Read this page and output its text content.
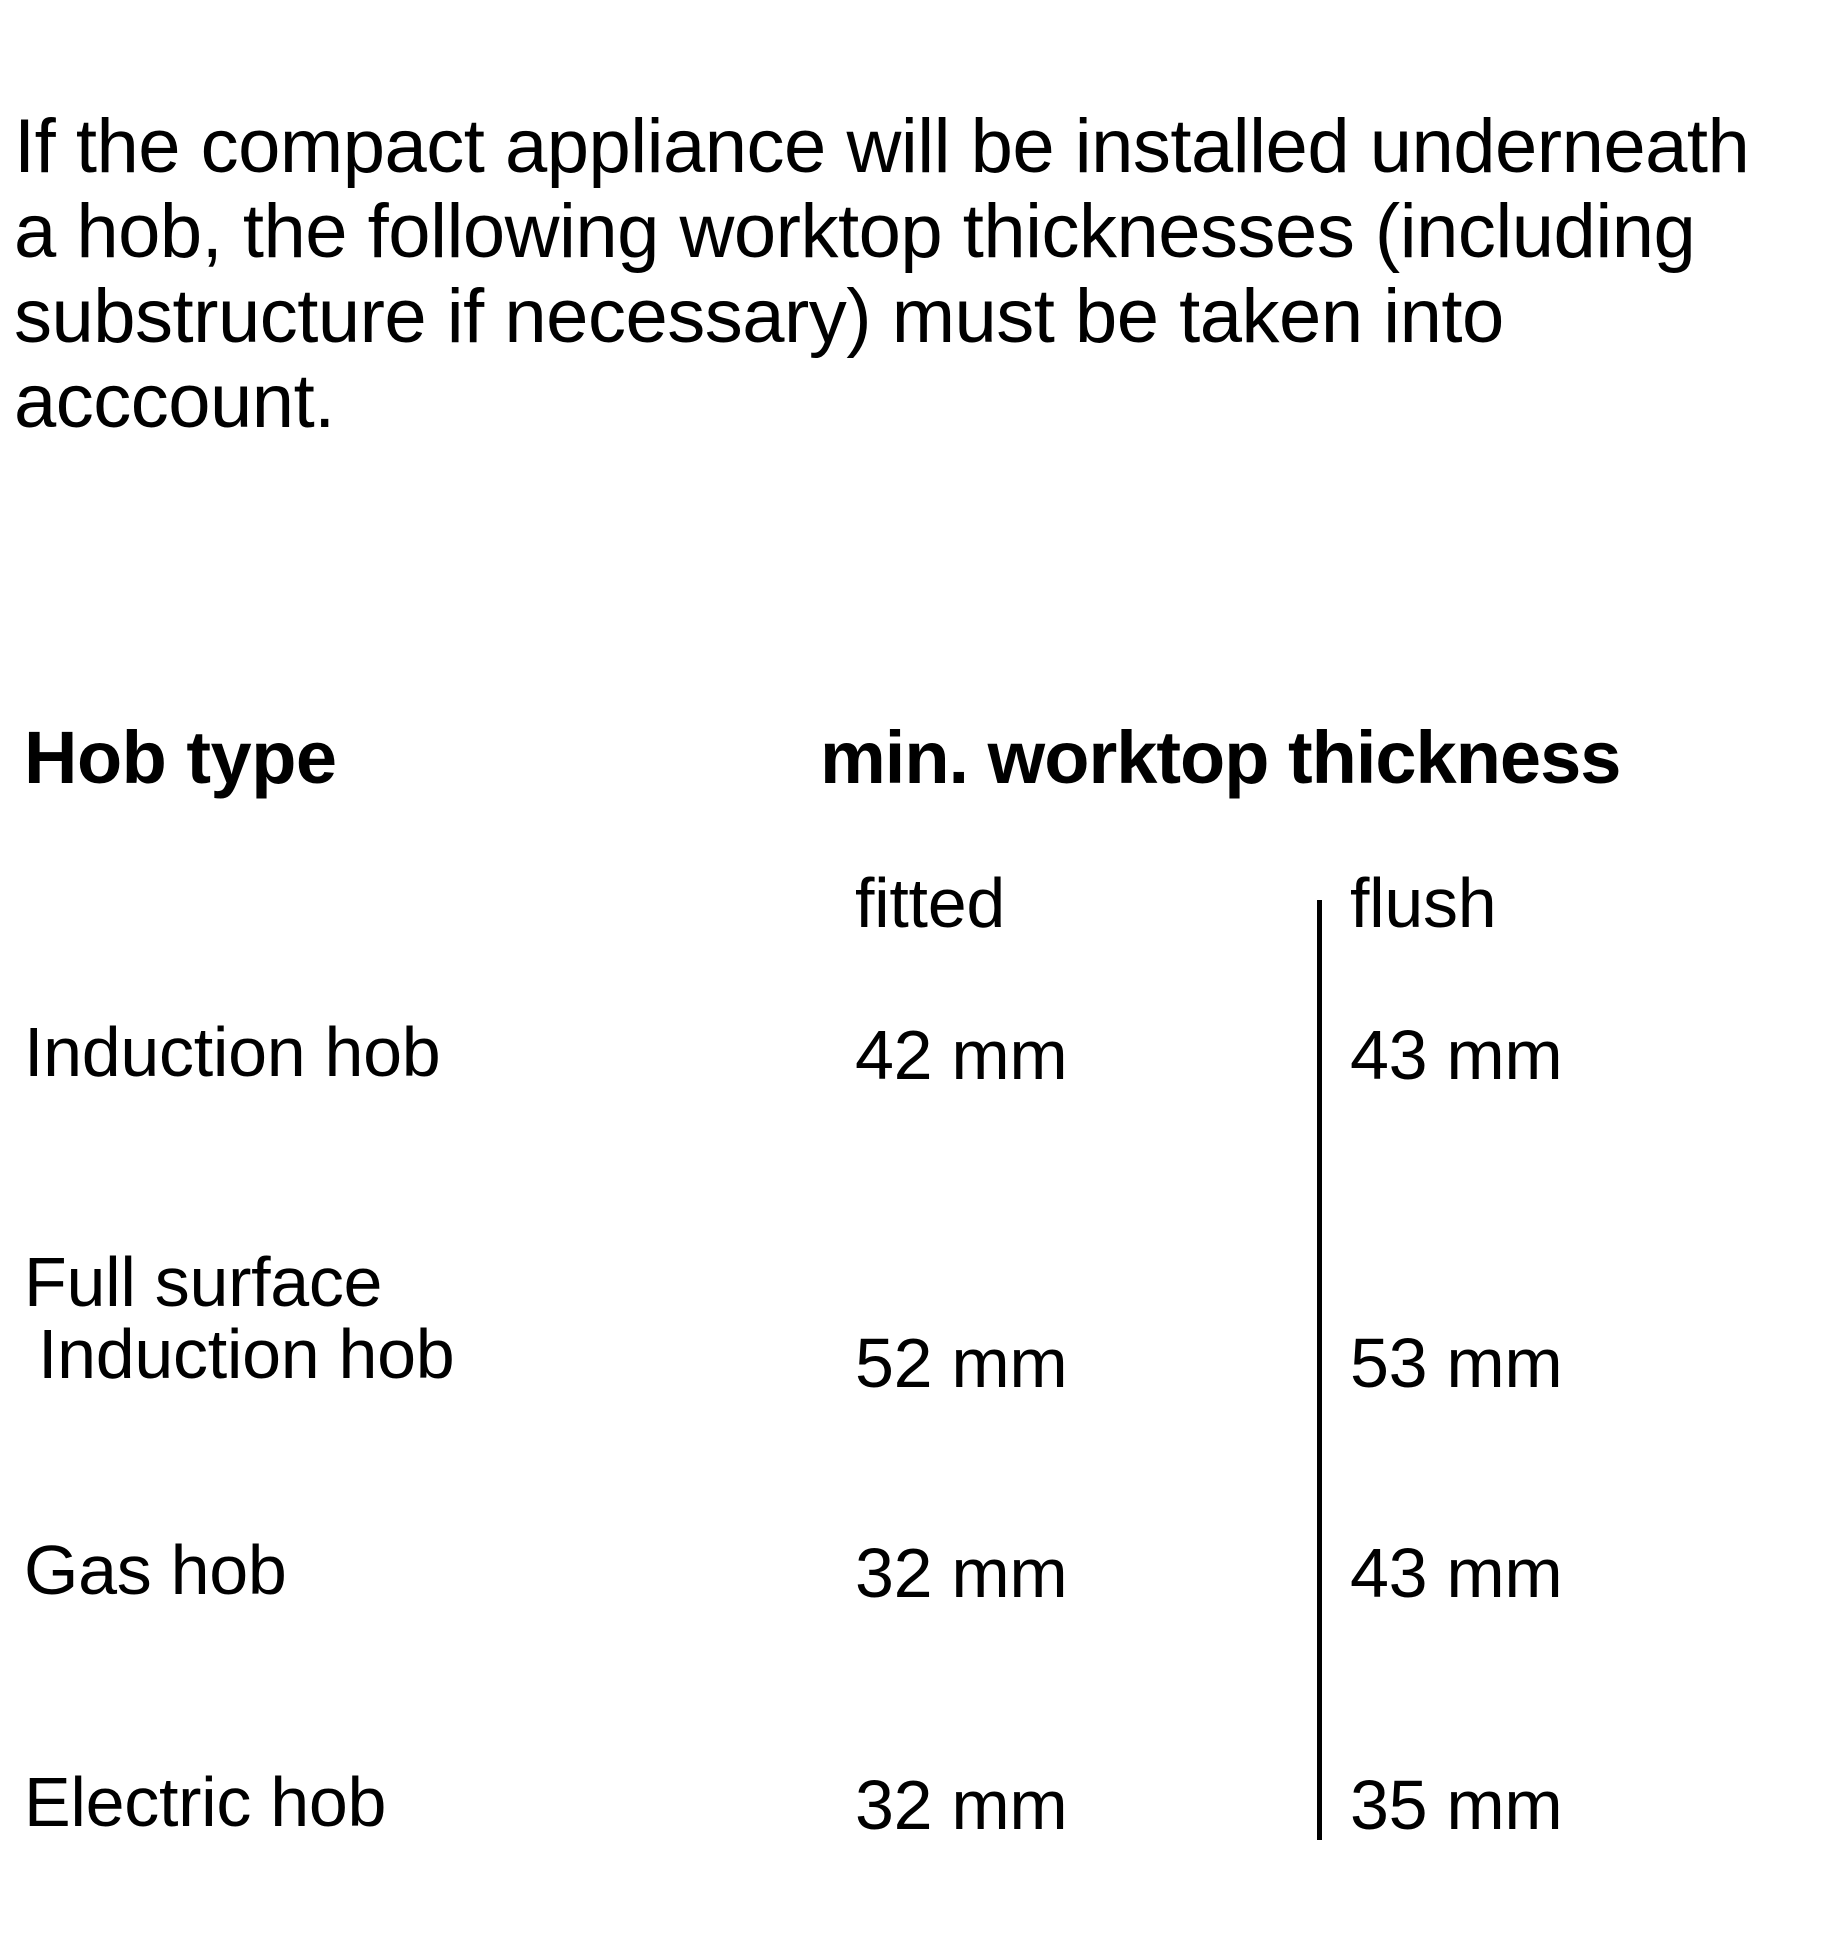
If the compact appliance will be installed underneath a hob, the following worktop thicknesses (including substructure if necessary) must be taken into acccount.

Hob type	min. worktop thickness
fitted	flush
Induction hob	42 mm	43 mm
Full surface
Induction hob	52 mm	53 mm
Gas hob	32 mm	43 mm
Electric hob	32 mm	35 mm
